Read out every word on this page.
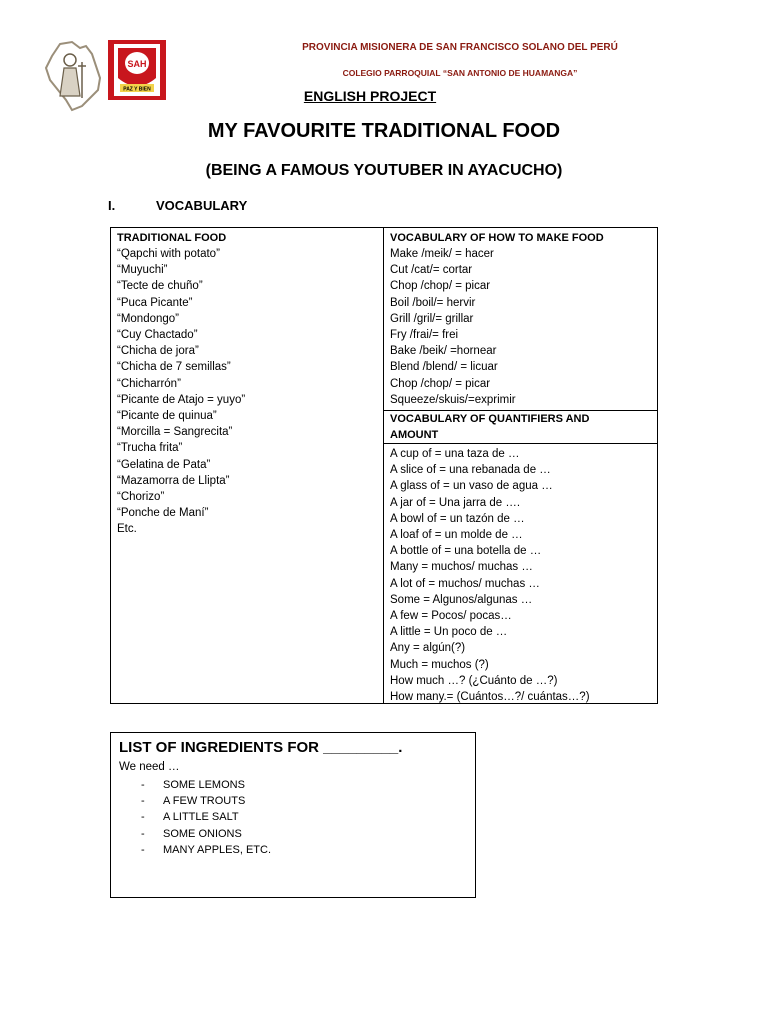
SAH
PAZ Y BIEN
PROVINCIA MISIONERA DE SAN FRANCISCO SOLANO DEL PERÚ
COLEGIO PARROQUIAL “SAN ANTONIO DE HUAMANGA”
ENGLISH PROJECT
MY FAVOURITE TRADITIONAL FOOD
(BEING A FAMOUS YOUTUBER IN AYACUCHO)
I.	VOCABULARY
TRADITIONAL FOOD
“Qapchi with potato”
“Muyuchi”
“Tecte de chuño”
“Puca Picante”
“Mondongo”
“Cuy Chactado”
“Chicha de jora”
“Chicha de 7 semillas”
“Chicharrón”
“Picante de Atajo = yuyo”
“Picante de quinua”
“Morcilla = Sangrecita”
“Trucha frita”
“Gelatina de Pata”
“Mazamorra de Llipta”
“Chorizo”
“Ponche de Maní”
Etc.
VOCABULARY OF HOW TO MAKE FOOD
Make /meik/ = hacer
Cut /cat/= cortar
Chop /chop/ = picar
Boil /boil/= hervir
Grill /gril/= grillar
Fry /frai/= frei
Bake /beik/ =hornear
Blend /blend/ = licuar
Chop /chop/ = picar
Squeeze/skuis/=exprimir
VOCABULARY OF QUANTIFIERS AND
AMOUNT
A cup of = una taza de …
A slice of = una rebanada de …
A glass of = un vaso de agua …
A jar of = Una jarra de ….
A bowl of = un tazón de …
A loaf of = un molde de …
A bottle of = una botella de …
Many = muchos/ muchas …
A lot of = muchos/ muchas …
Some = Algunos/algunas …
A few = Pocos/ pocas…
A little = Un poco de …
Any = algún(?)
Much = muchos (?)
How much …? (¿Cuánto de …?)
How many.= (Cuántos…?/ cuántas…?)
LIST OF INGREDIENTS FOR _________.
We need …
-	SOME LEMONS
-	A FEW TROUTS
-	A LITTLE SALT
-	SOME ONIONS
-	MANY APPLES, ETC.
